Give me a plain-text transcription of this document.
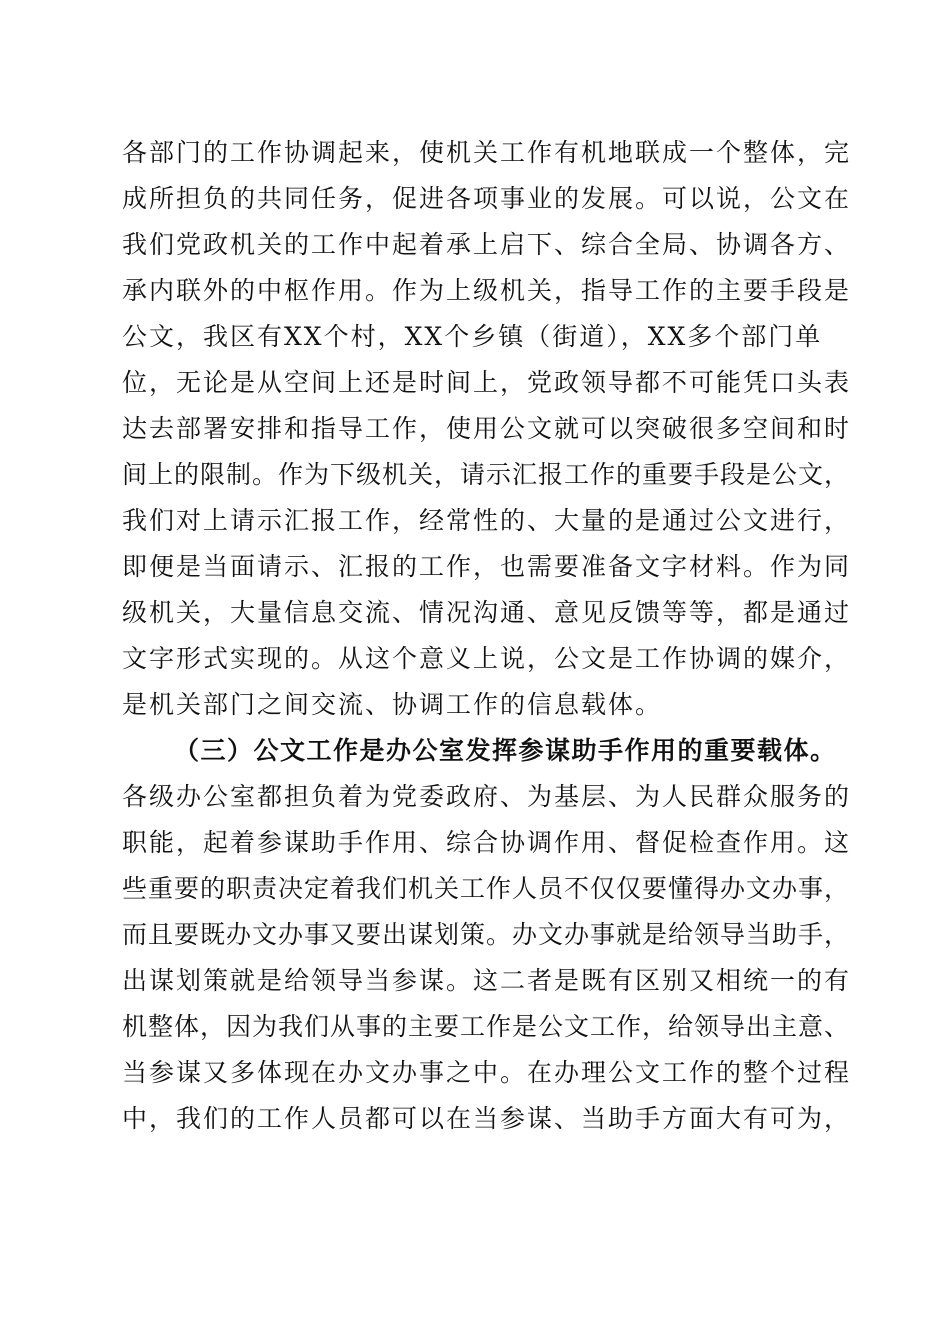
各部门的工作协调起来，使机关工作有机地联成一个整体，完
成所担负的共同任务，促进各项事业的发展。可以说，公文在
我们党政机关的工作中起着承上启下、综合全局、协调各方、
承内联外的中枢作用。作为上级机关，指导工作的主要手段是
公文，我区有XX个村，XX个乡镇（街道），XX多个部门单
位，无论是从空间上还是时间上，党政领导都不可能凭口头表
达去部署安排和指导工作，使用公文就可以突破很多空间和时
间上的限制。作为下级机关，请示汇报工作的重要手段是公文，
我们对上请示汇报工作，经常性的、大量的是通过公文进行，
即便是当面请示、汇报的工作，也需要准备文字材料。作为同
级机关，大量信息交流、情况沟通、意见反馈等等，都是通过
文字形式实现的。从这个意义上说，公文是工作协调的媒介，
是机关部门之间交流、协调工作的信息载体。
（三）公文工作是办公室发挥参谋助手作用的重要载体。
各级办公室都担负着为党委政府、为基层、为人民群众服务的
职能，起着参谋助手作用、综合协调作用、督促检查作用。这
些重要的职责决定着我们机关工作人员不仅仅要懂得办文办事，
而且要既办文办事又要出谋划策。办文办事就是给领导当助手，
出谋划策就是给领导当参谋。这二者是既有区别又相统一的有
机整体，因为我们从事的主要工作是公文工作，给领导出主意、
当参谋又多体现在办文办事之中。在办理公文工作的整个过程
中，我们的工作人员都可以在当参谋、当助手方面大有可为，
